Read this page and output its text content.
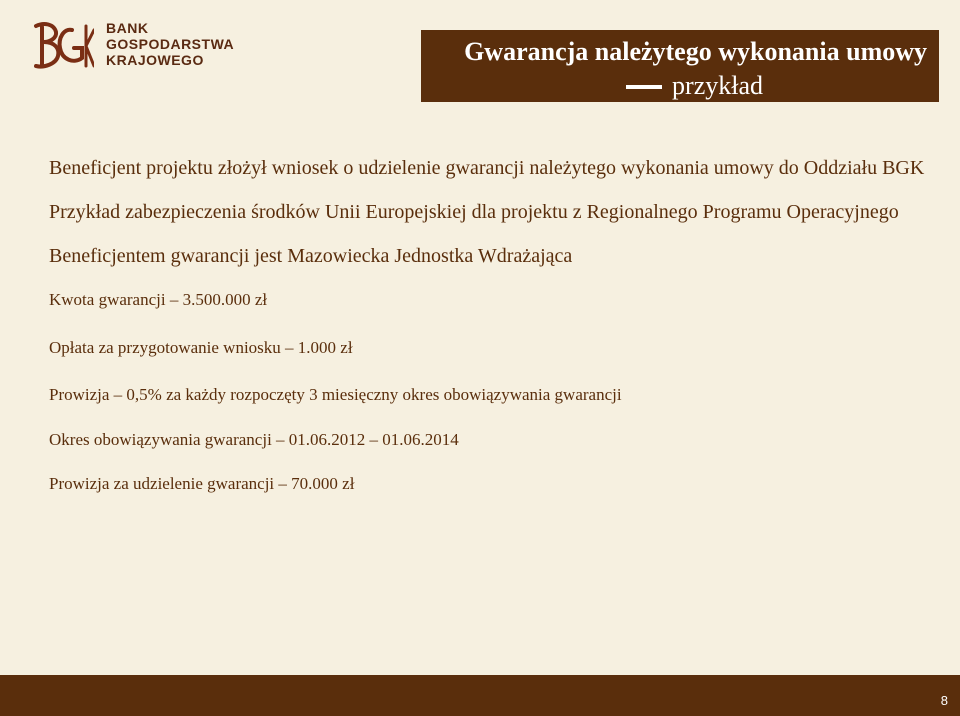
BANK
GOSPODARSTWA
KRAJOWEGO	Gwarancja należytego wykonania umowy
przykład

Beneficjent projektu złożył wniosek o udzielenie gwarancji należytego wykonania umowy do Oddziału BGK

Przykład zabezpieczenia środków Unii Europejskiej dla projektu z Regionalnego Programu Operacyjnego

Beneficjentem gwarancji jest Mazowiecka Jednostka Wdrażająca

Kwota gwarancji – 3.500.000 zł

Opłata za przygotowanie wniosku – 1.000 zł

Prowizja – 0,5% za każdy rozpoczęty 3 miesięczny okres obowiązywania gwarancji

Okres obowiązywania gwarancji – 01.06.2012 – 01.06.2014

Prowizja za udzielenie gwarancji – 70.000 zł

8
